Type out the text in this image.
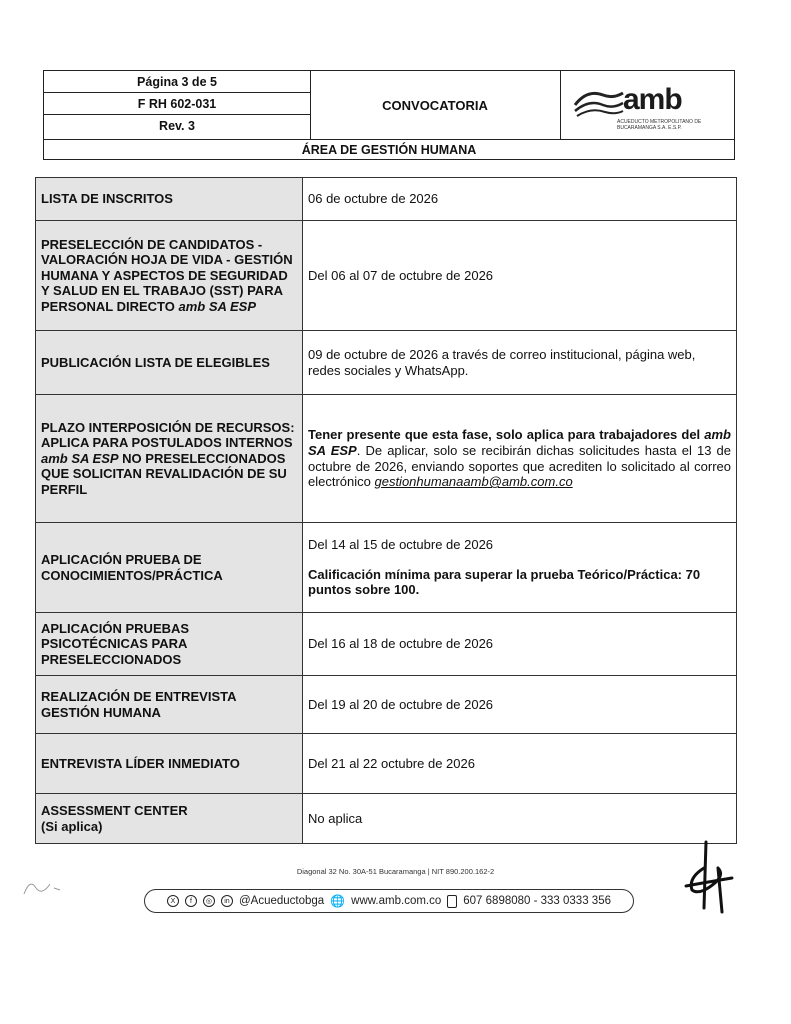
Página 3 de 5
F RH 602-031
Rev. 3
CONVOCATORIA	amb
ACUEDUCTO METROPOLITANO DE BUCARAMANGA S.A. E.S.P.
ÁREA DE GESTIÓN HUMANA
LISTA DE INSCRITOS	06 de octubre de 2026
PRESELECCIÓN DE CANDIDATOS - VALORACIÓN HOJA DE VIDA - GESTIÓN HUMANA Y ASPECTOS DE SEGURIDAD Y SALUD EN EL TRABAJO (SST) PARA PERSONAL DIRECTO amb SA ESP	Del 06 al 07 de octubre de 2026
PUBLICACIÓN LISTA DE ELEGIBLES	09 de octubre de 2026 a través de correo institucional, página web, redes sociales y WhatsApp.
PLAZO INTERPOSICIÓN DE RECURSOS: APLICA PARA POSTULADOS INTERNOS amb SA ESP NO PRESELECCIONADOS QUE SOLICITAN REVALIDACIÓN DE SU PERFIL	Tener presente que esta fase, solo aplica para trabajadores del amb SA ESP. De aplicar, solo se recibirán dichas solicitudes hasta el 13 de octubre de 2026, enviando soportes que acrediten lo solicitado al correo electrónico gestionhumanaamb@amb.com.co
APLICACIÓN PRUEBA DE CONOCIMIENTOS/PRÁCTICA	Del 14 al 15 de octubre de 2026
Calificación mínima para superar la prueba Teórico/Práctica: 70 puntos sobre 100.
APLICACIÓN PRUEBAS PSICOTÉCNICAS PARA PRESELECCIONADOS	Del 16 al 18 de octubre de 2026
REALIZACIÓN DE ENTREVISTA GESTIÓN HUMANA	Del 19 al 20 de octubre de 2026
ENTREVISTA LÍDER INMEDIATO	Del 21 al 22 octubre de 2026
ASSESSMENT CENTER
(Si aplica)	No aplica
Diagonal 32 No. 30A-51 Bucaramanga | NIT 890.200.162-2
X	f	◎	in @Acueductobga 🌐 www.amb.com.co 607 6898080 - 333 0333 356
